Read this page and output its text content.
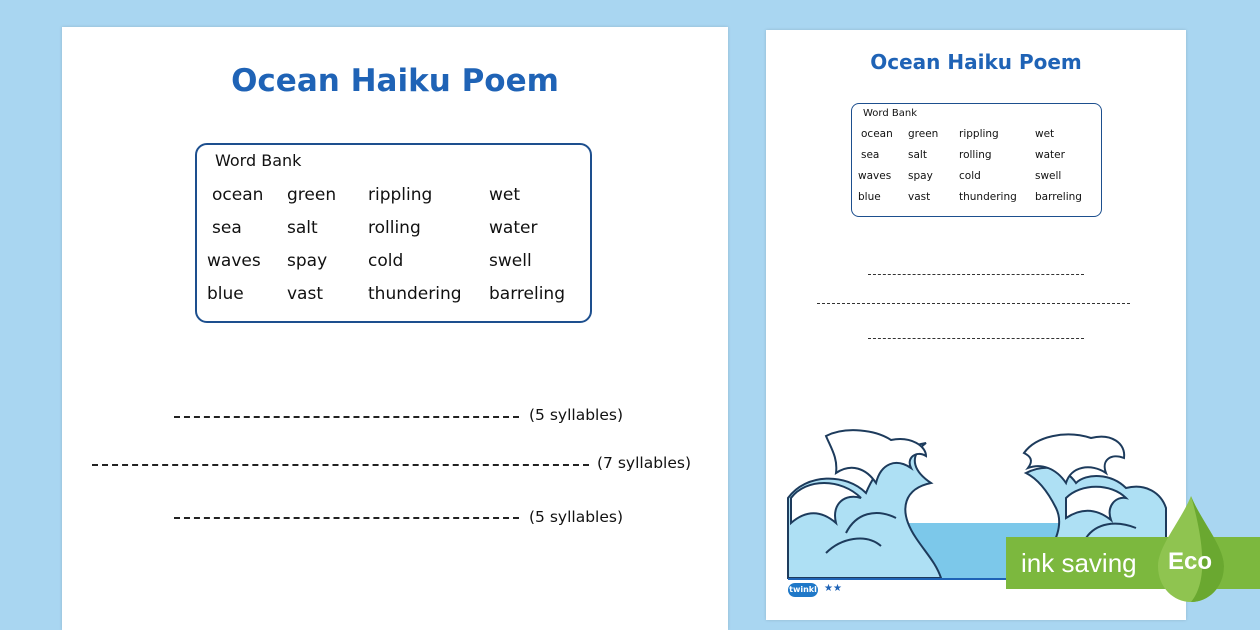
Ocean Haiku Poem
Word Bank
ocean
sea
waves
blue
green
salt
spay
vast
rippling
rolling
cold
thundering
wet
water
swell
barreling
(5 syllables)
(7 syllables)
(5 syllables)
Ocean Haiku Poem
Word Bank
ocean
sea
waves
blue
green
salt
spay
vast
rippling
rolling
cold
thundering
wet
water
swell
barreling
twinkl ★★
ink saving Eco
